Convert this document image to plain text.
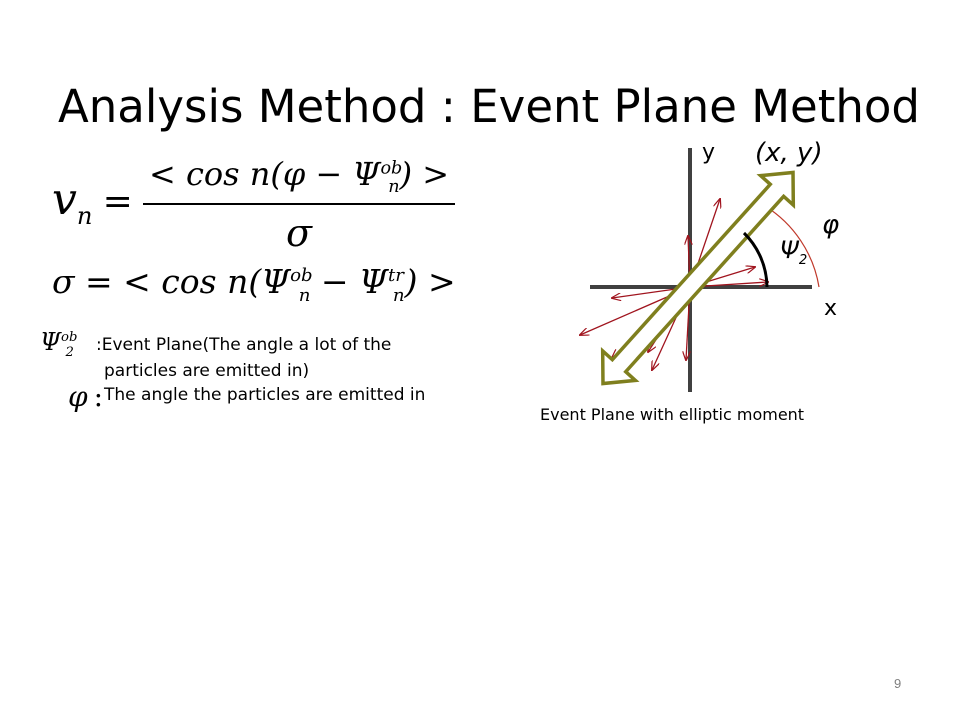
Analysis Method : Event Plane Method
$v_n = \frac{< \cos n(\varphi - \Psi^{ob}_n) >}{\sigma}$
σ = < $\cos n(\Psi^{ob}_n - \Psi^{tr}_n)$ >
$\Psi^{ob}_2$ :Event Plane(The angle a lot of the
particles are emitted in)
φ : The angle the particles are emitted in
y
x
(x, y)
φ
$\Psi_2$
Event Plane with elliptic moment
9
